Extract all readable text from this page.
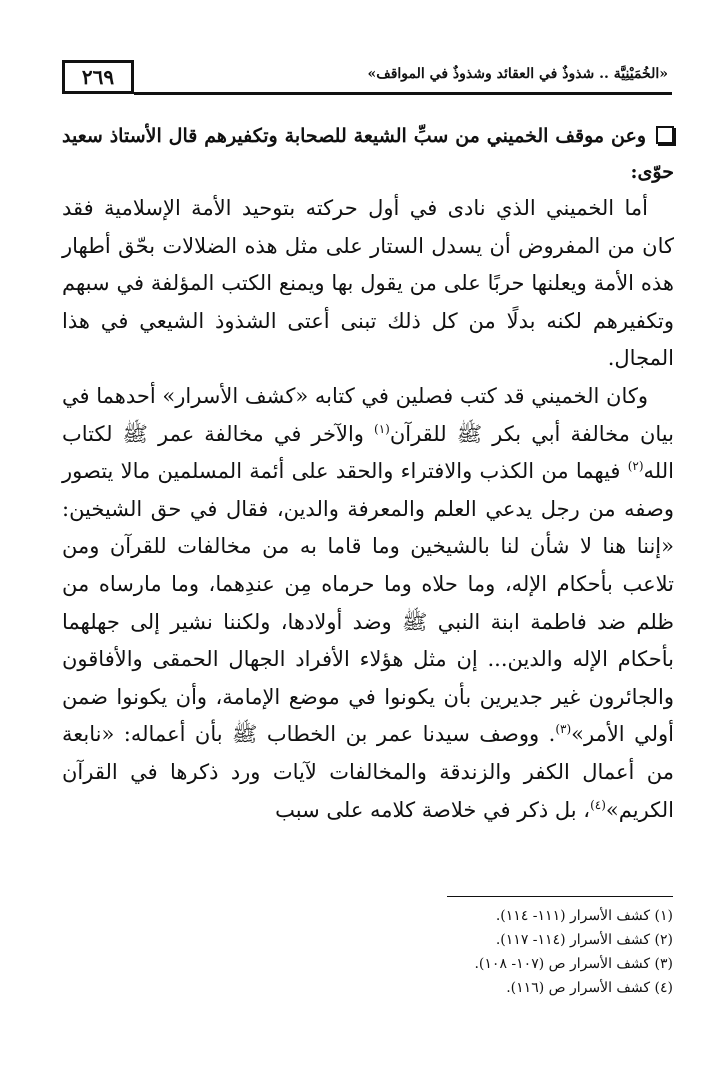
«الخُمَيْنِيَّة .. شذوذٌ في العقائد وشذوذٌ في المواقف»
٢٦٩

وعن موقف الخميني من سبِّ الشيعة للصحابة وتكفيرهم قال الأستاذ سعيد حوّى:

أما الخميني الذي نادى في أول حركته بتوحيد الأمة الإسلامية فقد كان من المفروض أن يسدل الستار على مثل هذه الضلالات بحّق أطهار هذه الأمة ويعلنها حربًا على من يقول بها ويمنع الكتب المؤلفة في سبهم وتكفيرهم لكنه بدلًا من كل ذلك تبنى أعتى الشذوذ الشيعي في هذا المجال.

وكان الخميني قد كتب فصلين في كتابه «كشف الأسرار» أحدهما في بيان مخالفة أبي بكر ﷺ للقرآن$^{(١)}$ والآخر في مخالفة عمر ﷺ لكتاب الله$^{(٢)}$ فيهما من الكذب والافتراء والحقد على أئمة المسلمين مالا يتصور وصفه من رجل يدعي العلم والمعرفة والدين، فقال في حق الشيخين: «إننا هنا لا شأن لنا بالشيخين وما قاما به من مخالفات للقرآن ومن تلاعب بأحكام الإله، وما حلاه وما حرماه مِن عندِهما، وما مارساه من ظلم ضد فاطمة ابنة النبي ﷺ وضد أولادها، ولكننا نشير إلى جهلهما بأحكام الإله والدين... إن مثل هؤلاء الأفراد الجهال الحمقى والأفاقون والجائرون غير جديرين بأن يكونوا في موضع الإمامة، وأن يكونوا ضمن أولي الأمر»$^{(٣)}$. ووصف سيدنا عمر بن الخطاب ﷺ بأن أعماله: «نابعة من أعمال الكفر والزندقة والمخالفات لآيات ورد ذكرها في القرآن الكريم»$^{(٤)}$، بل ذكر في خلاصة كلامه على سبب

(١) كشف الأسرار (١١١- ١١٤).

(٢) كشف الأسرار (١١٤- ١١٧).

(٣) كشف الأسرار ص (١٠٧- ١٠٨).

(٤) كشف الأسرار ص (١١٦).
